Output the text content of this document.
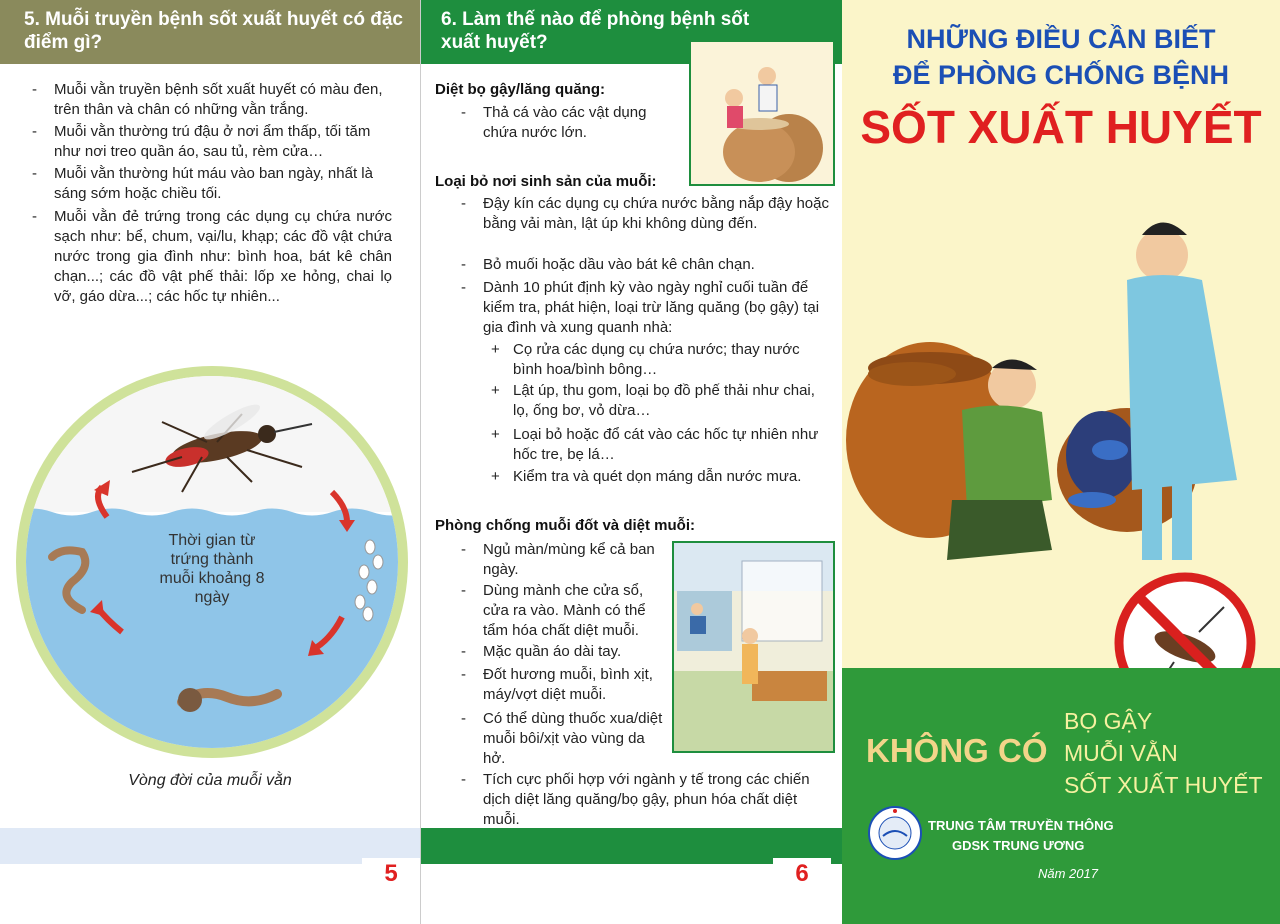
5. Muỗi truyền bệnh sốt xuất huyết có đặc điểm gì?
- Muỗi vằn truyền bệnh sốt xuất huyết có màu đen, trên thân và chân có những vằn trắng.
- Muỗi vằn thường trú đậu ở nơi ẩm thấp, tối tăm như nơi treo quần áo, sau tủ, rèm cửa…
- Muỗi vằn thường hút máu vào ban ngày, nhất là sáng sớm hoặc chiều tối.
- Muỗi vằn đẻ trứng trong các dụng cụ chứa nước sạch như: bể, chum, vại/lu, khạp; các đồ vật chứa nước trong gia đình như: bình hoa, bát kê chân chạn...; các đồ vật phế thải: lốp xe hỏng, chai lọ vỡ, gáo dừa...; các hốc tự nhiên...
Thời gian từ trứng thành muỗi khoảng 8 ngày
Vòng đời của muỗi vằn
5
6. Làm thế nào để phòng bệnh sốt xuất huyết?
Diệt bọ gậy/lăng quăng:
- Thả cá vào các vật dụng chứa nước lớn.
Loại bỏ nơi sinh sản của muỗi:
- Đậy kín các dụng cụ chứa nước bằng nắp đậy hoặc bằng vải màn, lật úp khi không dùng đến.
- Bỏ muối hoặc dầu vào bát kê chân chạn.
- Dành 10 phút định kỳ vào ngày nghỉ cuối tuần để kiểm tra, phát hiện, loại trừ lăng quăng (bọ gậy) tại gia đình và xung quanh nhà:
+ Cọ rửa các dụng cụ chứa nước; thay nước bình hoa/bình bông…
+ Lật úp, thu gom, loại bọ đồ phế thải như chai, lọ, ống bơ, vỏ dừa…
+ Loại bỏ hoặc đổ cát vào các hốc tự nhiên như hốc tre, bẹ lá…
+ Kiểm tra và quét dọn máng dẫn nước mưa.
Phòng chống muỗi đốt và diệt muỗi:
- Ngủ màn/mùng kể cả ban ngày.
- Dùng mành che cửa sổ, cửa ra vào. Mành có thể tẩm hóa chất diệt muỗi.
- Mặc quần áo dài tay.
- Đốt hương muỗi, bình xịt, máy/vợt diệt muỗi.
- Có thể dùng thuốc xua/diệt muỗi bôi/xịt vào vùng da hở.
- Tích cực phối hợp với ngành y tế trong các chiến dịch diệt lăng quăng/bọ gậy, phun hóa chất diệt muỗi.
6
NHỮNG ĐIỀU CẦN BIẾT
ĐỂ PHÒNG CHỐNG BỆNH
SỐT XUẤT HUYẾT
KHÔNG CÓ
BỌ GẬY
MUỖI VẰN
SỐT XUẤT HUYẾT
TRUNG TÂM TRUYỀN THÔNG
GDSK TRUNG ƯƠNG
Năm 2017
